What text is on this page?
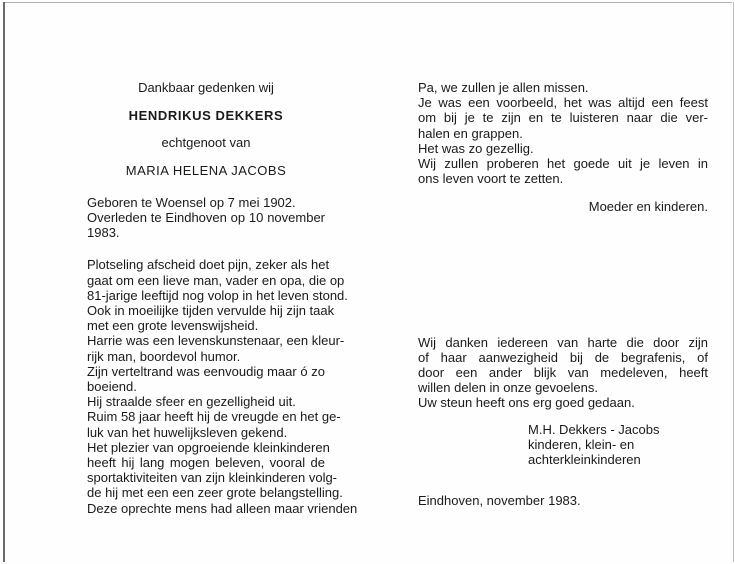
Dankbaar gedenken wij
HENDRIKUS DEKKERS
echtgenoot van
MARIA HELENA JACOBS
Geboren te Woensel op 7 mei 1902.
Overleden te Eindhoven op 10 november
1983.
Plotseling afscheid doet pijn, zeker als het
gaat om een lieve man, vader en opa, die op
81-jarige leeftijd nog volop in het leven stond.
Ook in moeilijke tijden vervulde hij zijn taak
met een grote levenswijsheid.
Harrie was een levenskunstenaar, een kleur-
rijk man, boordevol humor.
Zijn verteltrand was eenvoudig maar ó zo
boeiend.
Hij straalde sfeer en gezelligheid uit.
Ruim 58 jaar heeft hij de vreugde en het ge-
luk van het huwelijksleven gekend.
Het plezier van opgroeiende kleinkinderen
heeft hij lang mogen beleven, vooral de
sportaktiviteiten van zijn kleinkinderen volg-
de hij met een een zeer grote belangstelling.
Deze oprechte mens had alleen maar vrienden
Pa, we zullen je allen missen.
Je was een voorbeeld, het was altijd een feest
om bij je te zijn en te luisteren naar die ver-
halen en grappen.
Het was zo gezellig.
Wij zullen proberen het goede uit je leven in
ons leven voort te zetten.
Moeder en kinderen.
Wij danken iedereen van harte die door zijn
of haar aanwezigheid bij de begrafenis, of
door een ander blijk van medeleven, heeft
willen delen in onze gevoelens.
Uw steun heeft ons erg goed gedaan.
M.H. Dekkers - Jacobs
kinderen, klein- en
achterkleinkinderen
Eindhoven, november 1983.
